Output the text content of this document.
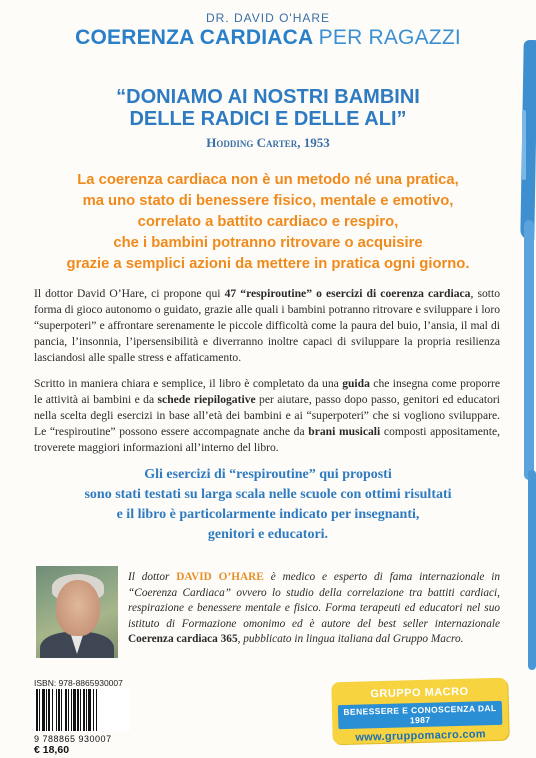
DR. DAVID O'HARE
COERENZA CARDIACA PER RAGAZZI
“DONIAMO AI NOSTRI BAMBINI
DELLE RADICI E DELLE ALI”
Hodding Carter, 1953
La coerenza cardiaca non è un metodo né una pratica,
ma uno stato di benessere fisico, mentale e emotivo,
correlato a battito cardiaco e respiro,
che i bambini potranno ritrovare o acquisire
grazie a semplici azioni da mettere in pratica ogni giorno.
Il dottor David O’Hare, ci propone qui 47 “respiroutine” o esercizi di coerenza cardiaca, sotto forma di gioco autonomo o guidato, grazie alle quali i bambini potranno ritrovare e sviluppare i loro “superpoteri” e affrontare serenamente le piccole difficoltà come la paura del buio, l’ansia, il mal di pancia, l’insonnia, l’ipersensibilità e diverranno inoltre capaci di sviluppare la propria resilienza lasciandosi alle spalle stress e affaticamento.
Scritto in maniera chiara e semplice, il libro è completato da una guida che insegna come proporre le attività ai bambini e da schede riepilogative per aiutare, passo dopo passo, genitori ed educatori nella scelta degli esercizi in base all’età dei bambini e ai “superpoteri” che si vogliono sviluppare. Le “respiroutine” possono essere accompagnate anche da brani musicali composti appositamente, troverete maggiori informazioni all’interno del libro.
Gli esercizi di “respiroutine” qui proposti
sono stati testati su larga scala nelle scuole con ottimi risultati
e il libro è particolarmente indicato per insegnanti,
genitori e educatori.
Il dottor DAVID O’HARE è medico e esperto di fama internazionale in “Coerenza Cardiaca” ovvero lo studio della correlazione tra battiti cardiaci, respirazione e benessere mentale e fisico. Forma terapeuti ed educatori nel suo istituto di Formazione omonimo ed è autore del best seller internazionale Coerenza cardiaca 365, pubblicato in lingua italiana dal Gruppo Macro.
ISBN: 978-8865930007
9 788865 930007
€ 18,60
GRUPPO MACRO
BENESSERE E CONOSCENZA DAL 1987
www.gruppomacro.com
